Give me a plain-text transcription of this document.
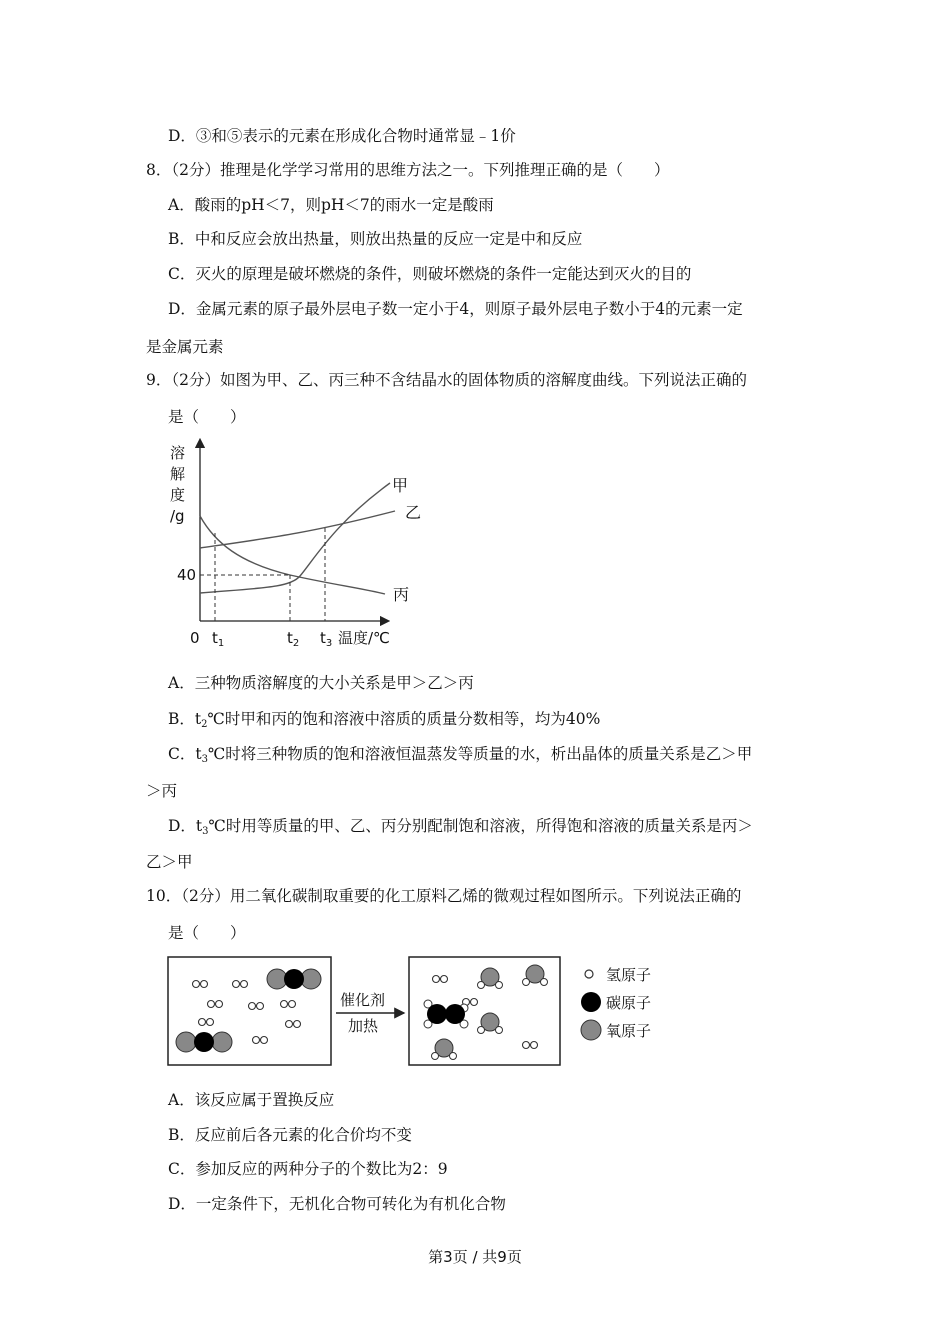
D．③和⑤表示的元素在形成化合物时通常显﹣1价
8．（2分）推理是化学学习常用的思维方法之一。下列推理正确的是（　　）
A．酸雨的pH＜7，则pH＜7的雨水一定是酸雨
B．中和反应会放出热量，则放出热量的反应一定是中和反应
C．灭火的原理是破坏燃烧的条件，则破坏燃烧的条件一定能达到灭火的目的
D．金属元素的原子最外层电子数一定小于4，则原子最外层电子数小于4的元素一定
是金属元素
9．（2分）如图为甲、乙、丙三种不含结晶水的固体物质的溶解度曲线。下列说法正确的
是（　　）
溶
解
度
/g
40
0 $t_1$	$t_2$ $t_3$ 温度/℃
甲
乙
丙
A．三种物质溶解度的大小关系是甲＞乙＞丙
B．$t_2℃$时甲和丙的饱和溶液中溶质的质量分数相等，均为40%
C．$t_3℃$时将三种物质的饱和溶液恒温蒸发等质量的水，析出晶体的质量关系是乙＞甲
＞丙
D．$t_3℃$时用等质量的甲、乙、丙分别配制饱和溶液，所得饱和溶液的质量关系是丙＞
乙＞甲
10．（2分）用二氧化碳制取重要的化工原料乙烯的微观过程如图所示。下列说法正确的
是（　　）
催化剂
加热
氢原子
碳原子
氧原子
A．该反应属于置换反应
B．反应前后各元素的化合价均不变
C．参加反应的两种分子的个数比为2：9
D．一定条件下，无机化合物可转化为有机化合物
第3页 / 共9页
